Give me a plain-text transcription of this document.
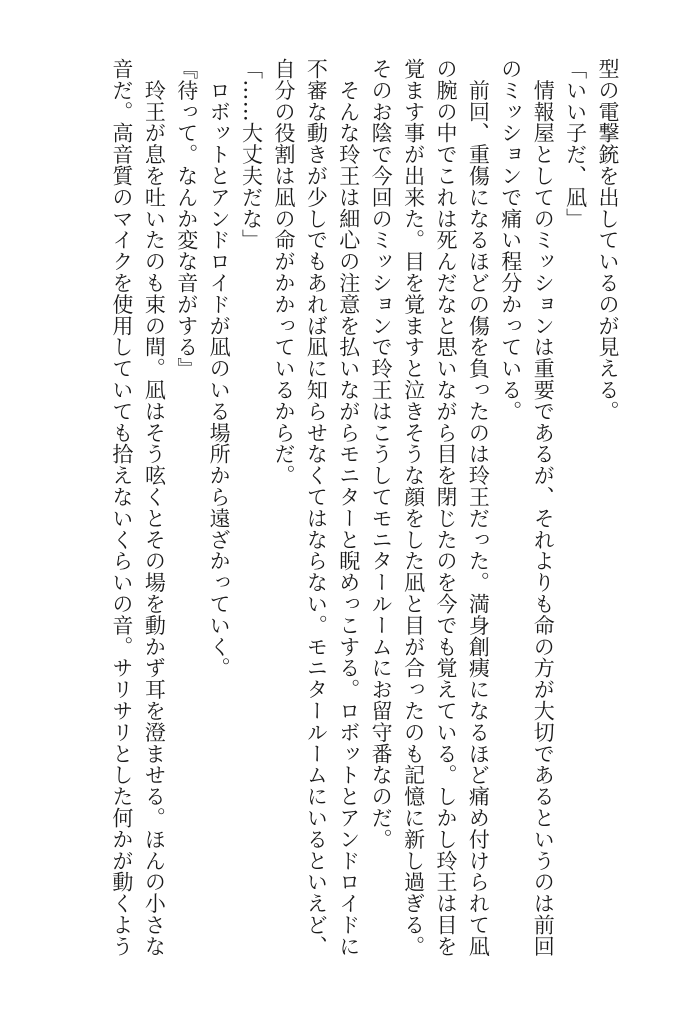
型の電撃銃を出しているのが見える。
「いい子だ、凪」
　情報屋としてのミッションは重要であるが、それよりも命の方が大切であるというのは前回
のミッションで痛い程分かっている。
　前回、重傷になるほどの傷を負ったのは玲王だった。満身創痍になるほど痛め付けられて凪
の腕の中でこれは死んだなと思いながら目を閉じたのを今でも覚えている。しかし玲王は目を
覚ます事が出来た。目を覚ますと泣きそうな顔をした凪と目が合ったのも記憶に新し過ぎる。
そのお陰で今回のミッションで玲王はこうしてモニタールームにお留守番なのだ。
　そんな玲王は細心の注意を払いながらモニターと睨めっこする。ロボットとアンドロイドに
不審な動きが少しでもあれば凪に知らせなくてはならない。モニタールームにいるといえど、
自分の役割は凪の命がかかっているからだ。
「……大丈夫だな」
　ロボットとアンドロイドが凪のいる場所から遠ざかっていく。
『待って。なんか変な音がする』
　玲王が息を吐いたのも束の間。凪はそう呟くとその場を動かず耳を澄ませる。ほんの小さな
音だ。高音質のマイクを使用していても拾えないくらいの音。サリサリとした何かが動くよう
